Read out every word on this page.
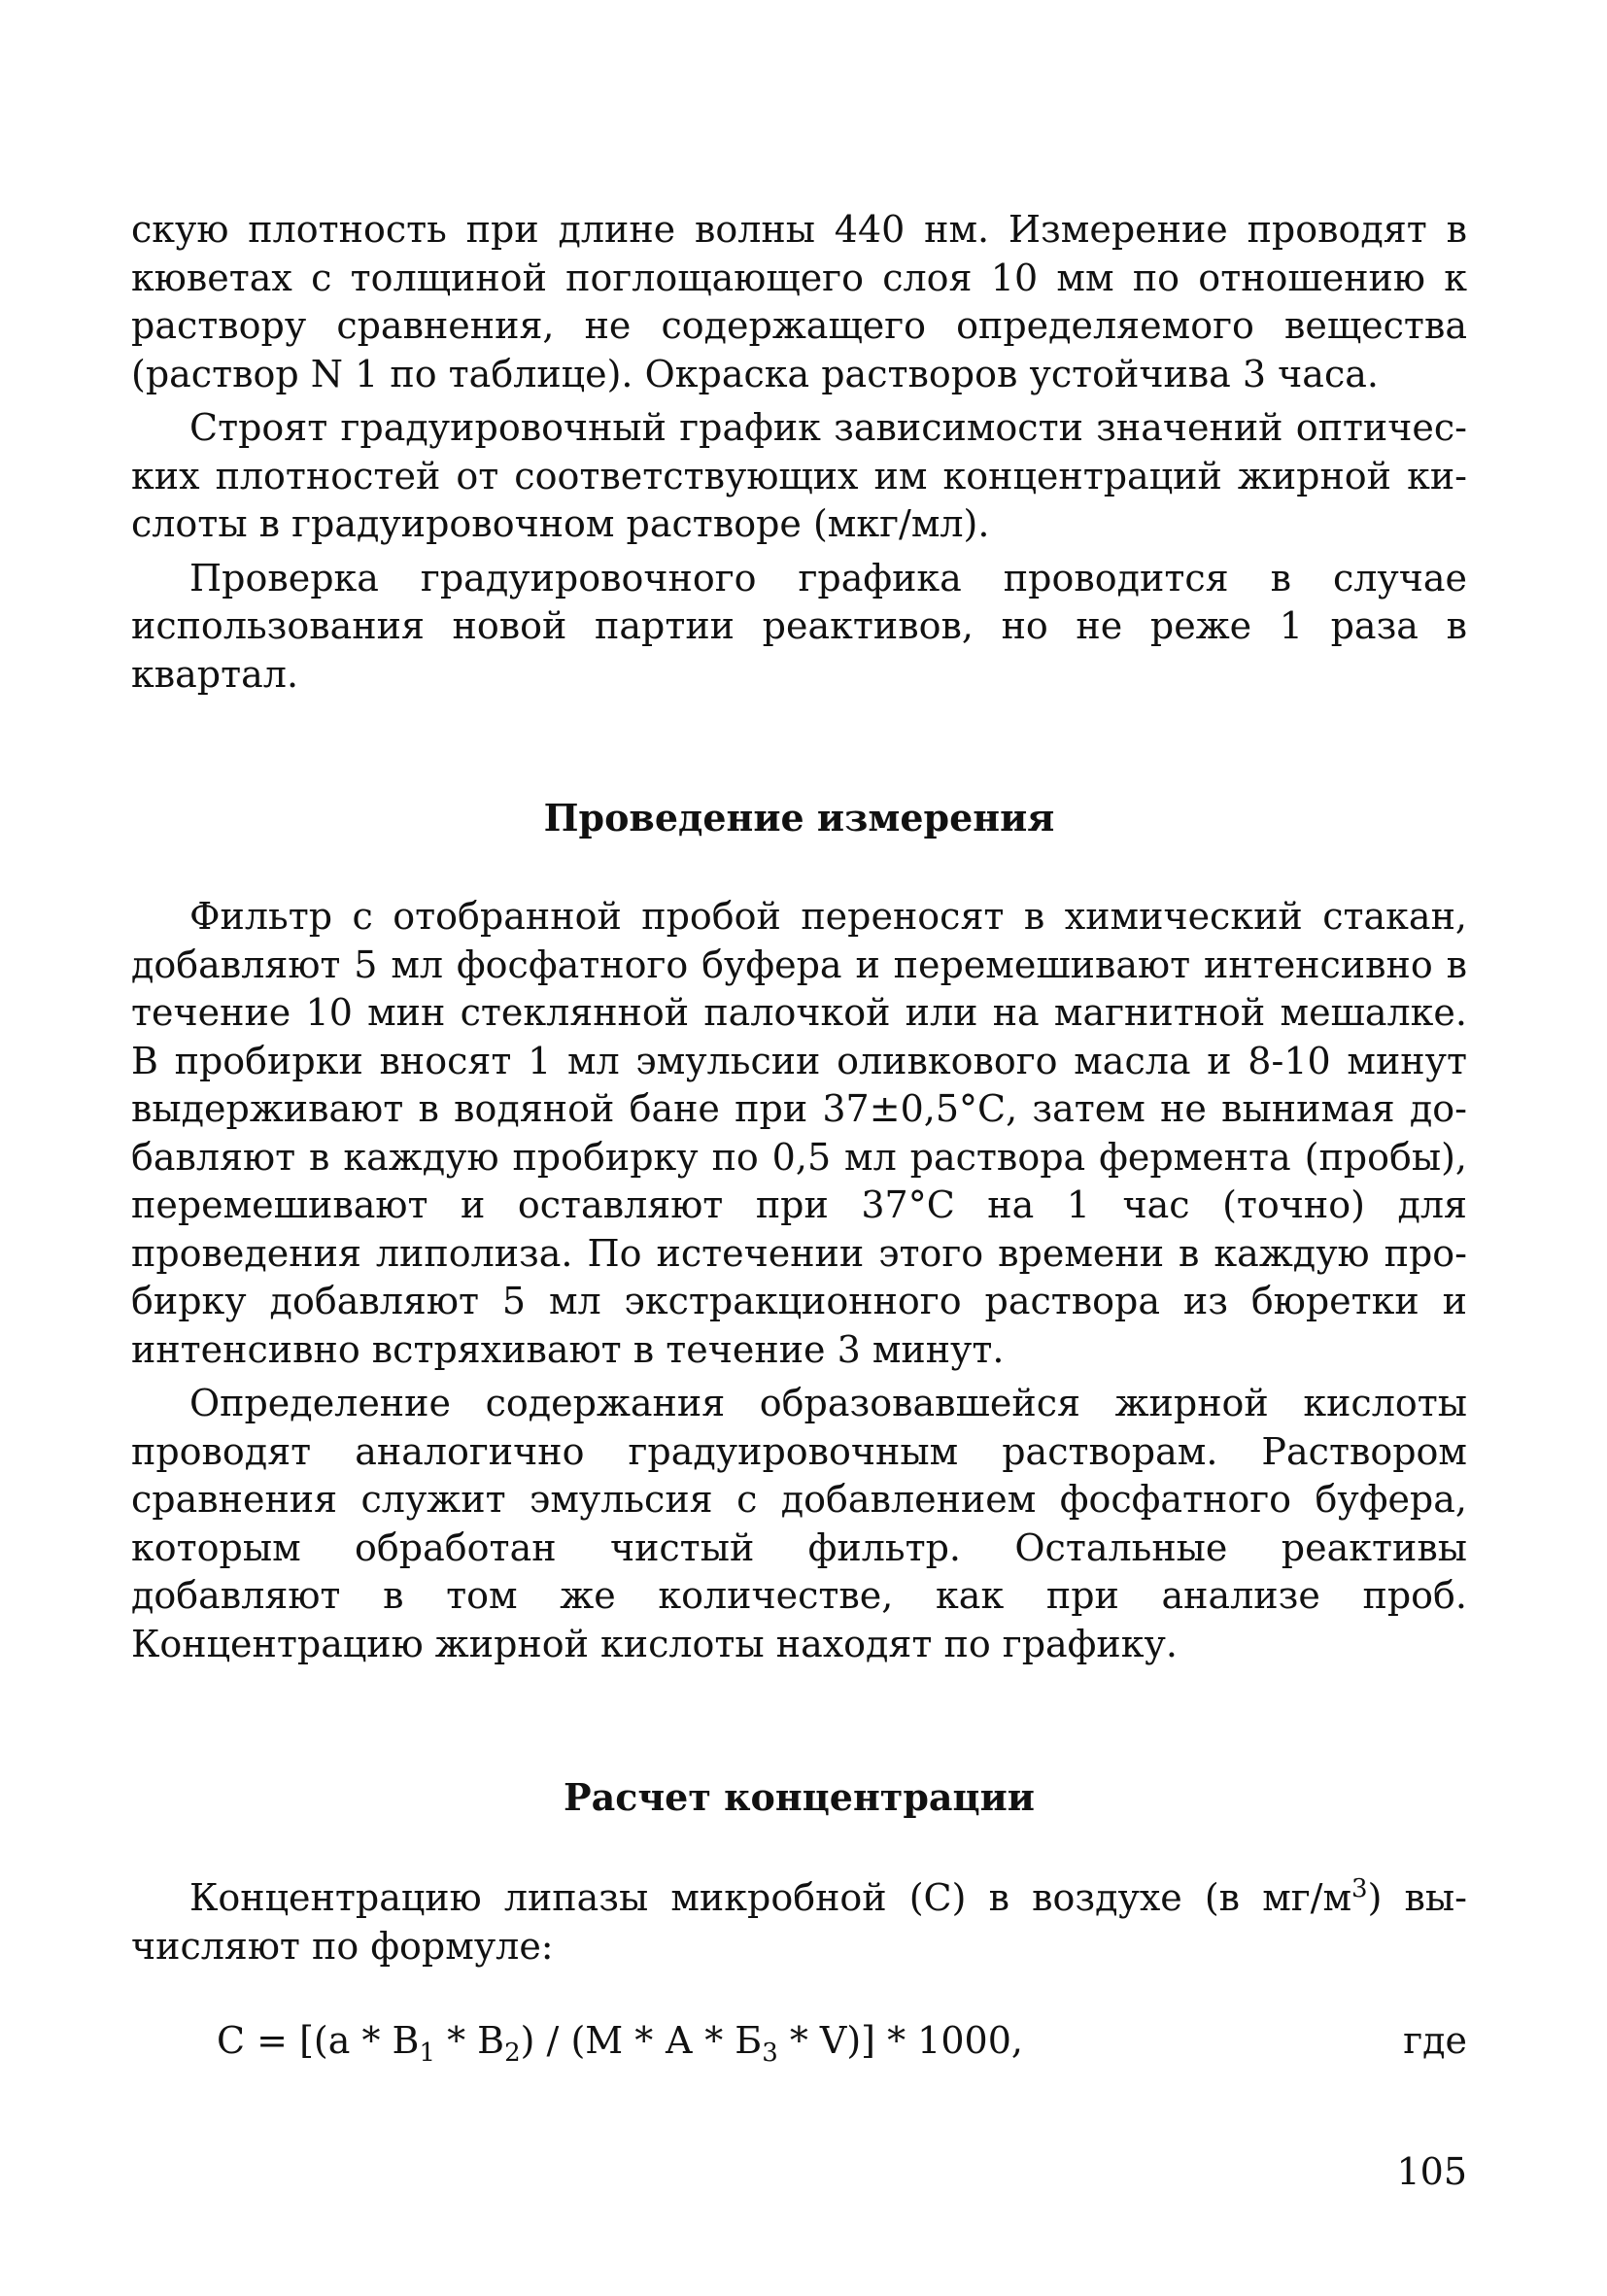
скую плотность при длине волны 440 нм. Измерение проводят в кюветах с толщиной поглощающего слоя 10 мм по отношению к раствору сравнения, не содержащего определяемого вещества (раствор N 1 по таблице). Окраска растворов устойчива 3 часа.

Строят градуировочный график зависимости значений оптических плотностей от соответствующих им концентраций жирной кислоты в градуировочном растворе (мкг/мл).

Проверка градуировочного графика проводится в случае использования новой партии реактивов, но не реже 1 раза в квартал.

Проведение измерения

Фильтр с отобранной пробой переносят в химический стакан, добавляют 5 мл фосфатного буфера и перемешивают интенсивно в течение 10 мин стеклянной палочкой или на магнитной мешалке. В пробирки вносят 1 мл эмульсии оливкового масла и 8-10 минут выдерживают в водяной бане при 37±0,5°С, затем не вынимая добавляют в каждую пробирку по 0,5 мл раствора фермента (пробы), перемешивают и оставляют при 37°С на 1 час (точно) для проведения липолиза. По истечении этого времени в каждую пробирку добавляют 5 мл экстракционного раствора из бюретки и интенсивно встряхивают в течение 3 минут.

Определение содержания образовавшейся жирной кислоты проводят аналогично градуировочным растворам. Раствором сравнения служит эмульсия с добавлением фосфатного буфера, которым обработан чистый фильтр. Остальные реактивы добавляют в том же количестве, как при анализе проб. Концентрацию жирной кислоты находят по графику.

Расчет концентрации

Концентрацию липазы микробной (С) в воздухе (в $мг/м^3$) вычисляют по формуле:

$С = [(а * В_1 * В_2) / (М * А * Б_3 * V)] * 1000$,	где
105
